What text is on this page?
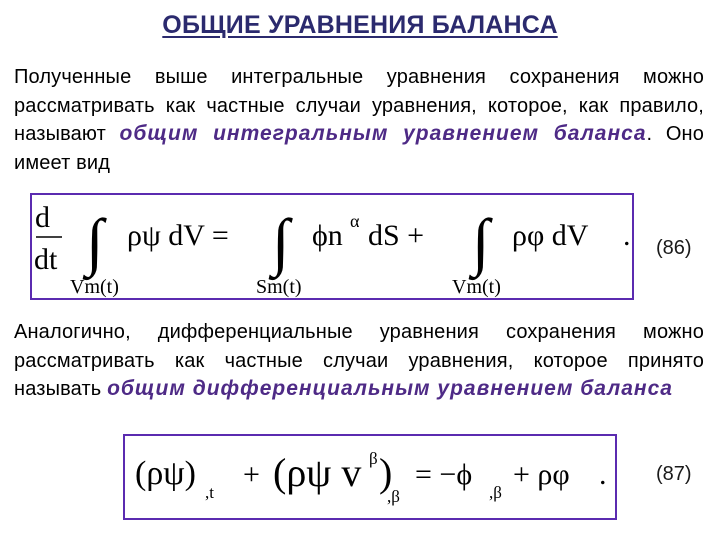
ОБЩИЕ УРАВНЕНИЯ БАЛАНСА
Полученные выше интегральные уравнения сохранения можно рассматривать как частные случаи уравнения, которое, как правило, называют общим интегральным уравнением баланса. Оно имеет вид
d
dt ∫ ρψ dV =
Vm(t)
∫ ϕn α dS +
Sm(t)
∫ ρφ dV
Vm(t)
. (86)
Аналогично, дифференциальные уравнения сохранения можно рассматривать как частные случаи уравнения, которое принято называть общим дифференциальным уравнением баланса
(ρψ)
,t
+ (ρψ v β )
,β
= −ϕ
,β
+ ρφ . (87)
